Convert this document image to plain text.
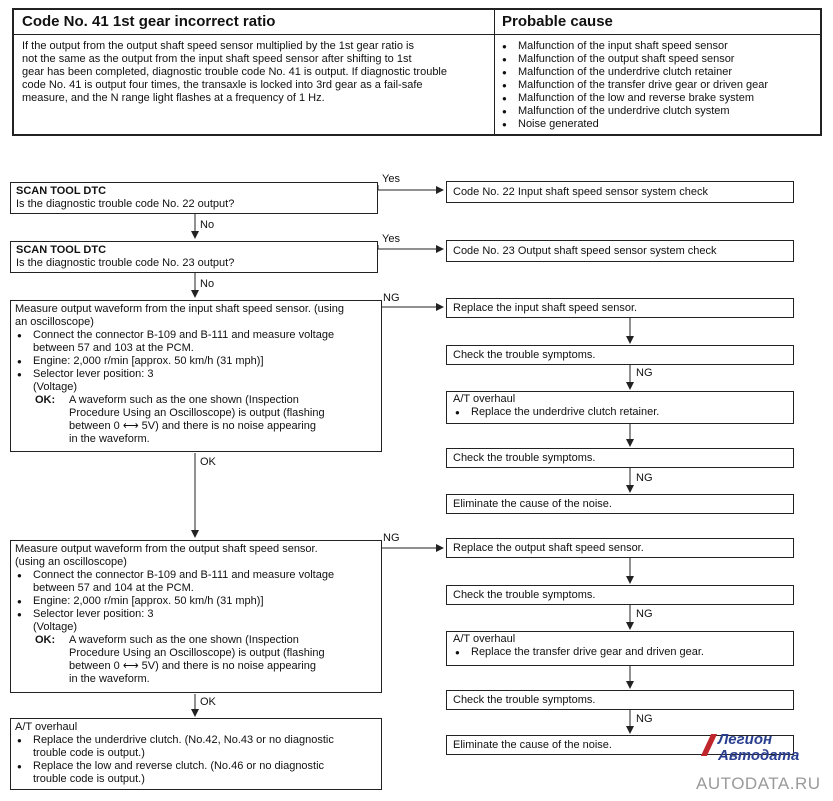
Code No. 41 1st gear incorrect ratio	Probable cause
If the output from the output shaft speed sensor multiplied by the 1st gear ratio is
not the same as the output from the input shaft speed sensor after shifting to 1st
gear has been completed, diagnostic trouble code No. 41 is output. If diagnostic trouble
code No. 41 is output four times, the transaxle is locked into 3rd gear as a fail-safe
measure, and the N range light flashes at a frequency of 1 Hz.
● Malfunction of the input shaft speed sensor
● Malfunction of the output shaft speed sensor
● Malfunction of the underdrive clutch retainer
● Malfunction of the transfer drive gear or driven gear
● Malfunction of the low and reverse brake system
● Malfunction of the underdrive clutch system
● Noise generated
Yes
No
Yes
No
NG
OK
NG
OK
NG
NG
NG
NG
SCAN TOOL DTC
Is the diagnostic trouble code No. 22 output?
Code No. 22 Input shaft speed sensor system check
SCAN TOOL DTC
Is the diagnostic trouble code No. 23 output?
Code No. 23 Output shaft speed sensor system check
Measure output waveform from the input shaft speed sensor. (using
an oscilloscope)
● Connect the connector B-109 and B-111 and measure voltage
between 57 and 103 at the PCM.
● Engine: 2,000 r/min [approx. 50 km/h (31 mph)]
● Selector lever position: 3
(Voltage)
OK: A waveform such as the one shown (Inspection
Procedure Using an Oscilloscope) is output (flashing
between 0 ⟷ 5V) and there is no noise appearing
in the waveform.
Replace the input shaft speed sensor.
Check the trouble symptoms.
A/T overhaul
● Replace the underdrive clutch retainer.
Check the trouble symptoms.
Eliminate the cause of the noise.
Measure output waveform from the output shaft speed sensor.
(using an oscilloscope)
● Connect the connector B-109 and B-111 and measure voltage
between 57 and 104 at the PCM.
● Engine: 2,000 r/min [approx. 50 km/h (31 mph)]
● Selector lever position: 3
(Voltage)
OK: A waveform such as the one shown (Inspection
Procedure Using an Oscilloscope) is output (flashing
between 0 ⟷ 5V) and there is no noise appearing
in the waveform.
Replace the output shaft speed sensor.
Check the trouble symptoms.
A/T overhaul
● Replace the transfer drive gear and driven gear.
Check the trouble symptoms.
Eliminate the cause of the noise.
A/T overhaul
● Replace the underdrive clutch. (No.42, No.43 or no diagnostic
trouble code is output.)
● Replace the low and reverse clutch. (No.46 or no diagnostic
trouble code is output.)
Легион Автодата
AUTODATA.RU
